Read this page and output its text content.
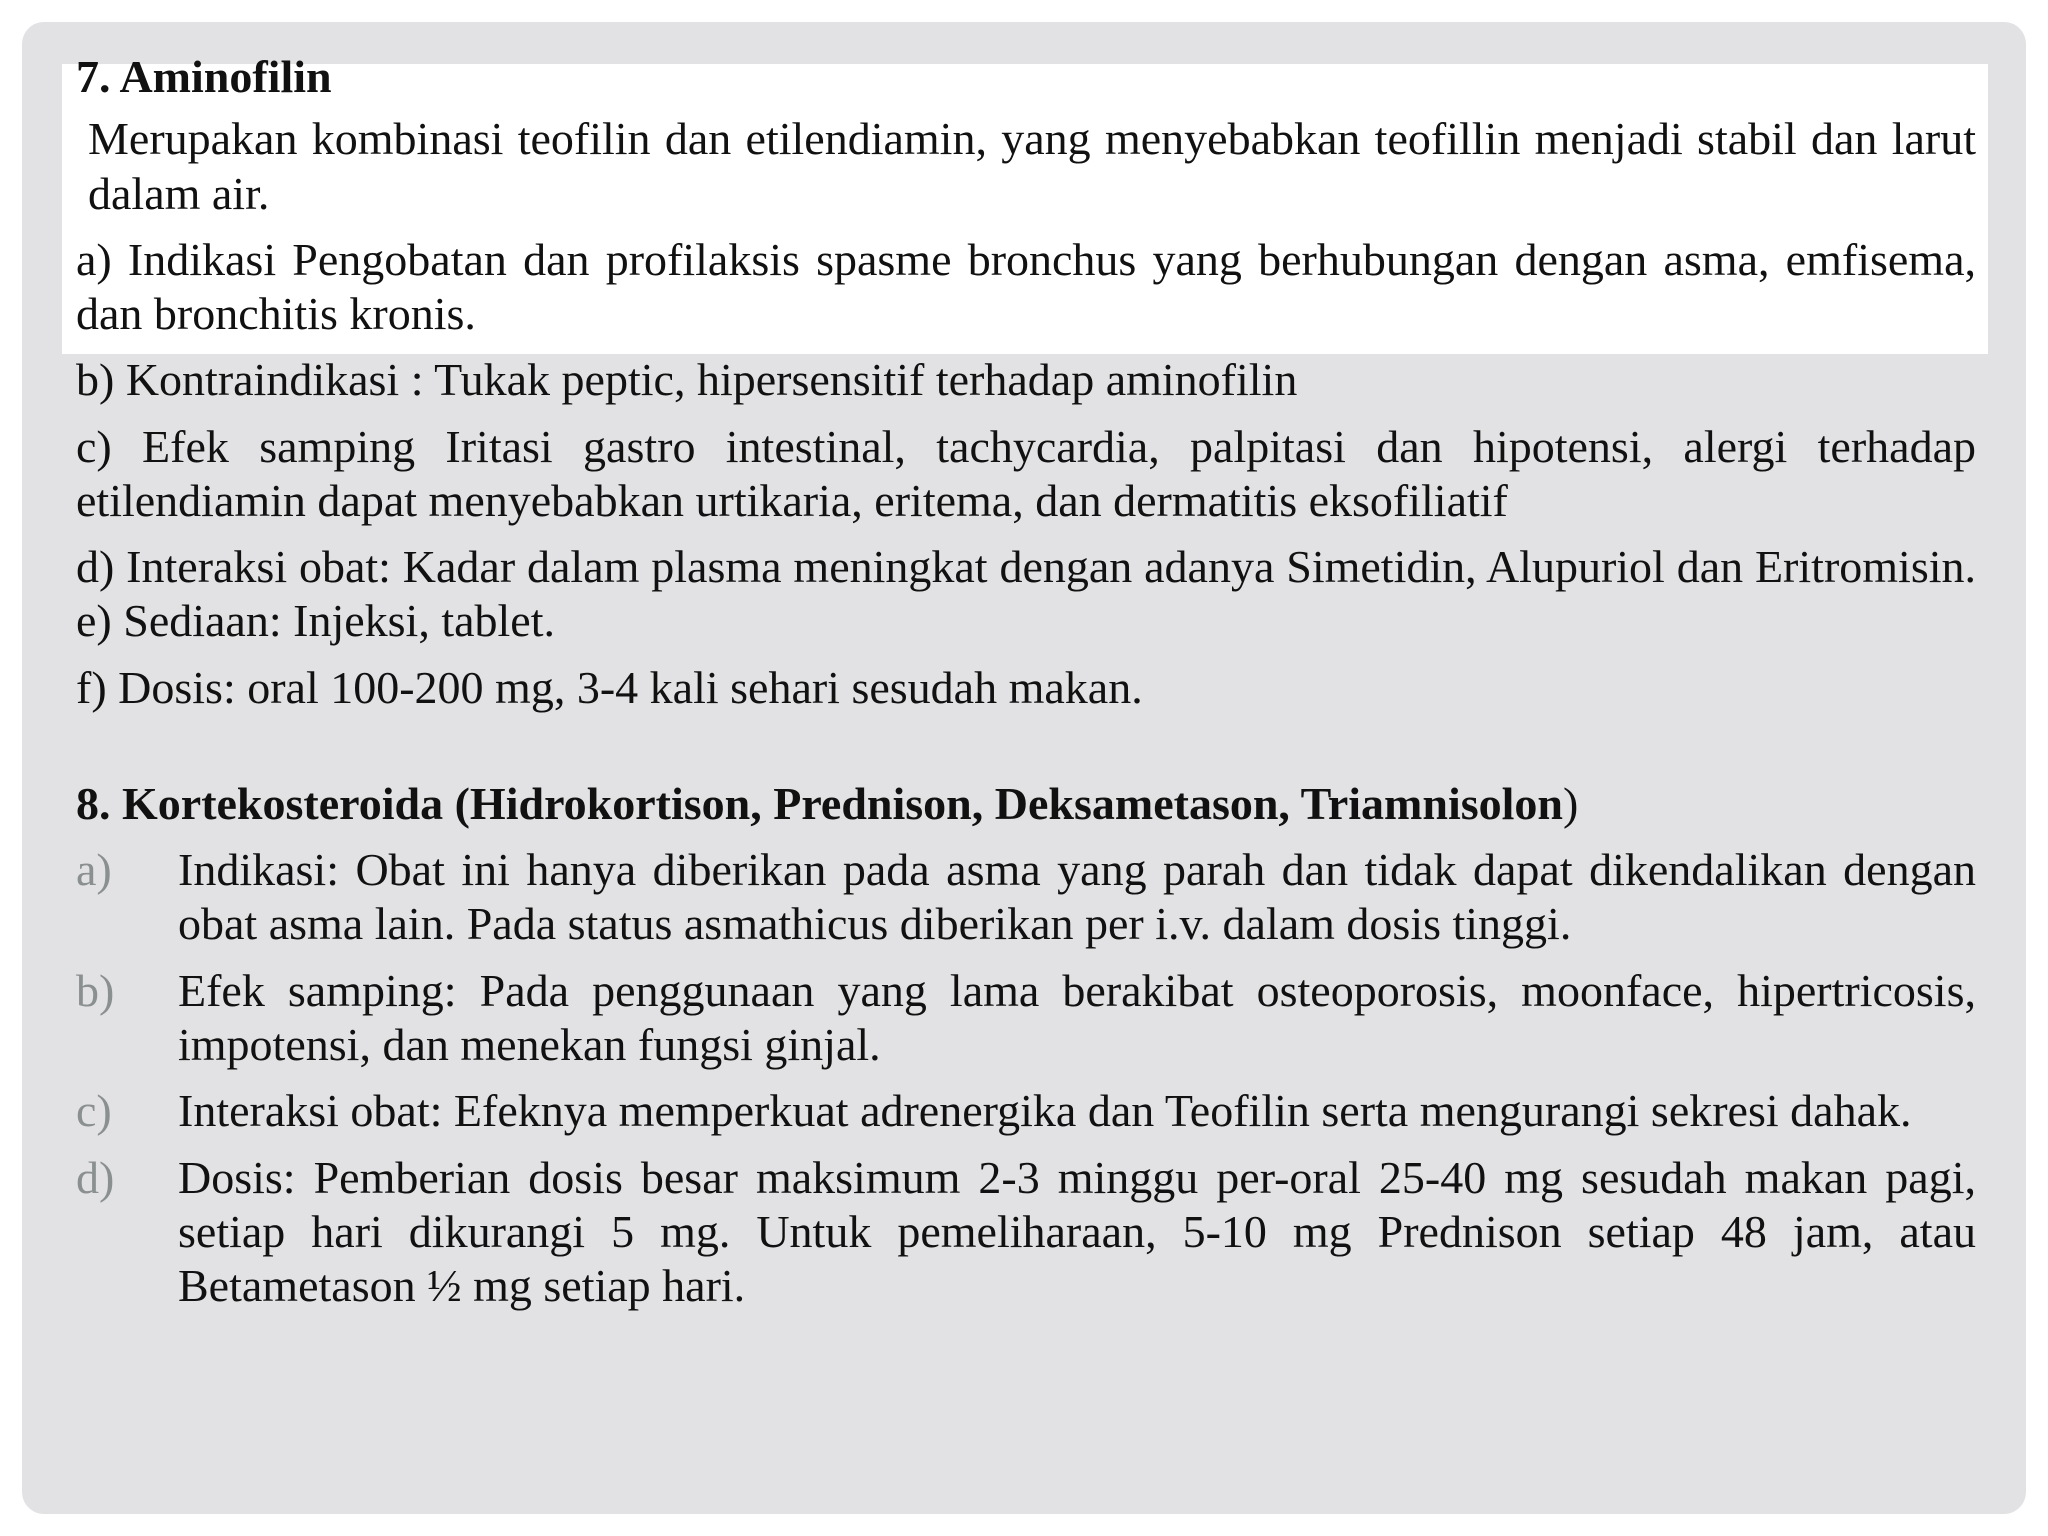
7. Aminofilin
Merupakan kombinasi teofilin dan etilendiamin, yang menyebabkan teofillin menjadi stabil dan larut dalam air.
a) Indikasi Pengobatan dan profilaksis spasme bronchus yang berhubungan dengan asma, emfisema, dan bronchitis kronis.
b) Kontraindikasi : Tukak peptic, hipersensitif terhadap aminofilin
c) Efek samping Iritasi gastro intestinal, tachycardia, palpitasi dan hipotensi, alergi terhadap etilendiamin dapat menyebabkan urtikaria, eritema, dan dermatitis eksofiliatif
d) Interaksi obat: Kadar dalam plasma meningkat dengan adanya Simetidin, Alupuriol dan Eritromisin. e) Sediaan: Injeksi, tablet.
f) Dosis: oral 100-200 mg, 3-4 kali sehari sesudah makan.
8. Kortekosteroida (Hidrokortison, Prednison, Deksametason, Triamnisolon)
a)	Indikasi: Obat ini hanya diberikan pada asma yang parah dan tidak dapat dikendalikan dengan obat asma lain. Pada status asmathicus diberikan per i.v. dalam dosis tinggi.
b)	Efek samping: Pada penggunaan yang lama berakibat osteoporosis, moonface, hipertricosis, impotensi, dan menekan fungsi ginjal.
c)	Interaksi obat: Efeknya memperkuat adrenergika dan Teofilin serta mengurangi sekresi dahak.
d)	Dosis: Pemberian dosis besar maksimum 2-3 minggu per-oral 25-40 mg sesudah makan pagi, setiap hari dikurangi 5 mg. Untuk pemeliharaan, 5-10 mg Prednison setiap 48 jam, atau Betametason ½ mg setiap hari.
